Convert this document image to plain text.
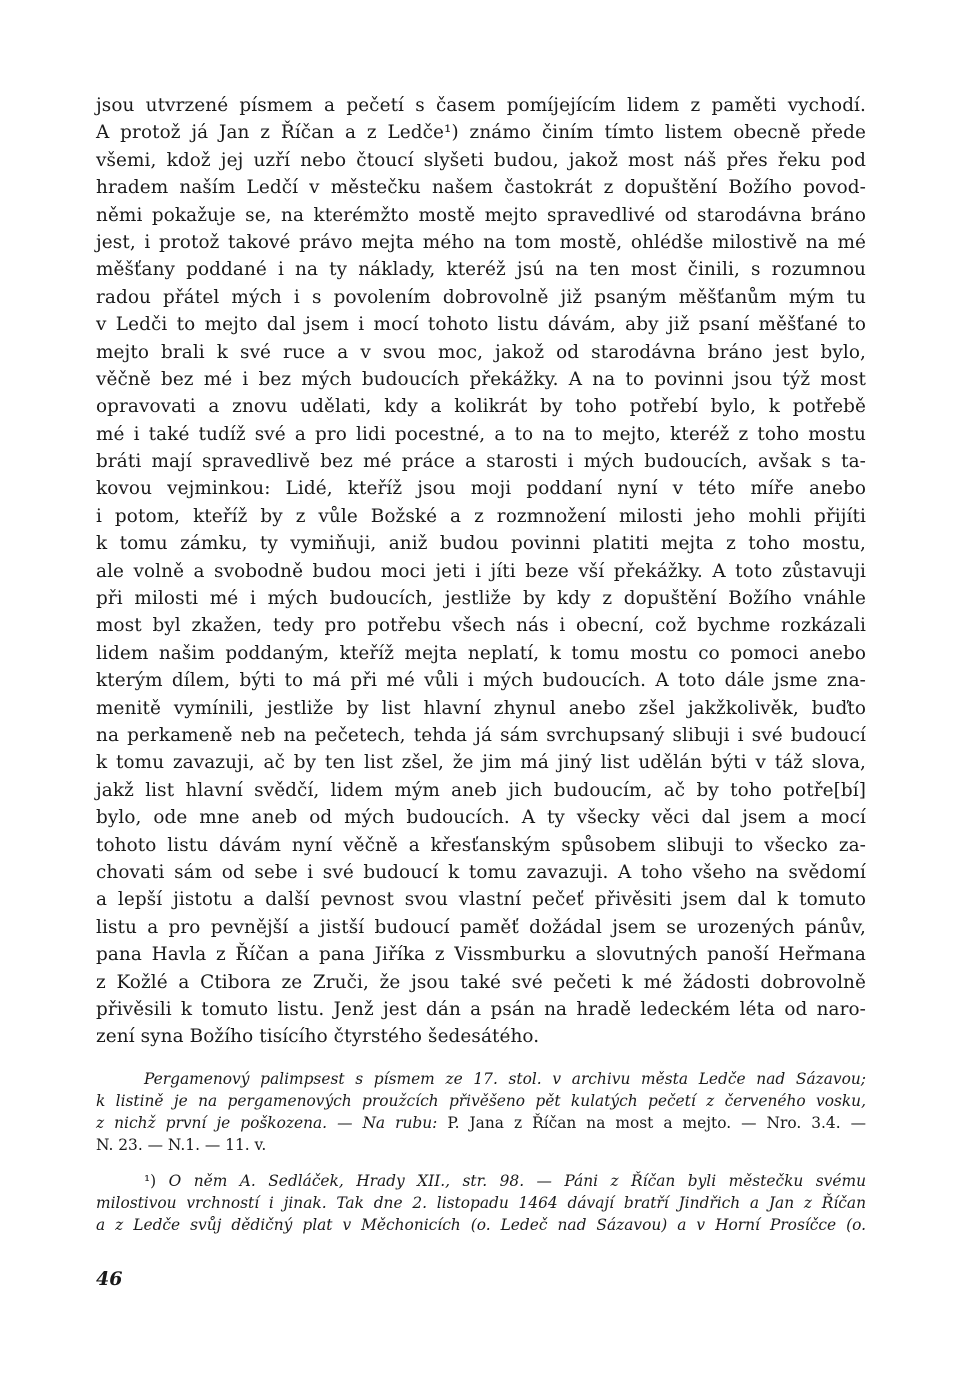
jsou utvrzené písmem a pečetí s časem pomíjejícím lidem z paměti vychodí.
A protož já Jan z Říčan a z Ledče¹) známo činím tímto listem obecně přede
všemi, kdož jej uzří nebo čtoucí slyšeti budou, jakož most náš přes řeku pod
hradem naším Ledčí v městečku našem častokrát z dopuštění Božího povod-
němi pokažuje se, na kterémžto mostě mejto spravedlivé od starodávna bráno
jest, i protož takové právo mejta mého na tom mostě, ohlédše milostivě na mé
měšťany poddané i na ty náklady, kteréž jsú na ten most činili, s rozumnou
radou přátel mých i s povolením dobrovolně již psaným měšťanům mým tu
v Ledči to mejto dal jsem i mocí tohoto listu dávám, aby již psaní měšťané to
mejto brali k své ruce a v svou moc, jakož od starodávna bráno jest bylo,
věčně bez mé i bez mých budoucích překážky. A na to povinni jsou týž most
opravovati a znovu udělati, kdy a kolikrát by toho potřebí bylo, k potřebě
mé i také tudíž své a pro lidi pocestné, a to na to mejto, kteréž z toho mostu
bráti mají spravedlivě bez mé práce a starosti i mých budoucích, avšak s ta-
kovou vejminkou: Lidé, kteříž jsou moji poddaní nyní v této míře anebo
i potom, kteříž by z vůle Božské a z rozmnožení milosti jeho mohli přijíti
k tomu zámku, ty vymiňuji, aniž budou povinni platiti mejta z toho mostu,
ale volně a svobodně budou moci jeti i jíti beze vší překážky. A toto zůstavuji
při milosti mé i mých budoucích, jestliže by kdy z dopuštění Božího vnáhle
most byl zkažen, tedy pro potřebu všech nás i obecní, což bychme rozkázali
lidem našim poddaným, kteříž mejta neplatí, k tomu mostu co pomoci anebo
kterým dílem, býti to má při mé vůli i mých budoucích. A toto dále jsme zna-
menitě vymínili, jestliže by list hlavní zhynul anebo zšel jakžkolivěk, buďto
na perkameně neb na pečetech, tehda já sám svrchupsaný slibuji i své budoucí
k tomu zavazuji, ač by ten list zšel, že jim má jiný list udělán býti v táž slova,
jakž list hlavní svědčí, lidem mým aneb jich budoucím, ač by toho potře[bí]
bylo, ode mne aneb od mých budoucích. A ty všecky věci dal jsem a mocí
tohoto listu dávám nyní věčně a křesťanským spůsobem slibuji to všecko za-
chovati sám od sebe i své budoucí k tomu zavazuji. A toho všeho na svědomí
a lepší jistotu a další pevnost svou vlastní pečeť přivěsiti jsem dal k tomuto
listu a pro pevnější a jistší budoucí paměť dožádal jsem se urozených pánův,
pana Havla z Říčan a pana Jiříka z Vissmburku a slovutných panoší Heřmana
z Kožlé a Ctibora ze Zruči, že jsou také své pečeti k mé žádosti dobrovolně
přivěsili k tomuto listu. Jenž jest dán a psán na hradě ledeckém léta od naro-
zení syna Božího tisícího čtyrstého šedesátého.
Pergamenový palimpsest s písmem ze 17. stol. v archivu města Ledče nad Sázavou;
k listině je na pergamenových proužcích přivěšeno pět kulatých pečetí z červeného vosku,
z nichž první je poškozena. — Na rubu: P. Jana z Říčan na most a mejto. — Nro. 3.4. —
N. 23. — N.1. — 11. v.
¹) O něm A. Sedláček, Hrady XII., str. 98. — Páni z Říčan byli městečku svému
milostivou vrchností i jinak. Tak dne 2. listopadu 1464 dávají bratří Jindřich a Jan z Říčan
a z Ledče svůj dědičný plat v Měchonicích (o. Ledeč nad Sázavou) a v Horní Prosíčce (o.
46
